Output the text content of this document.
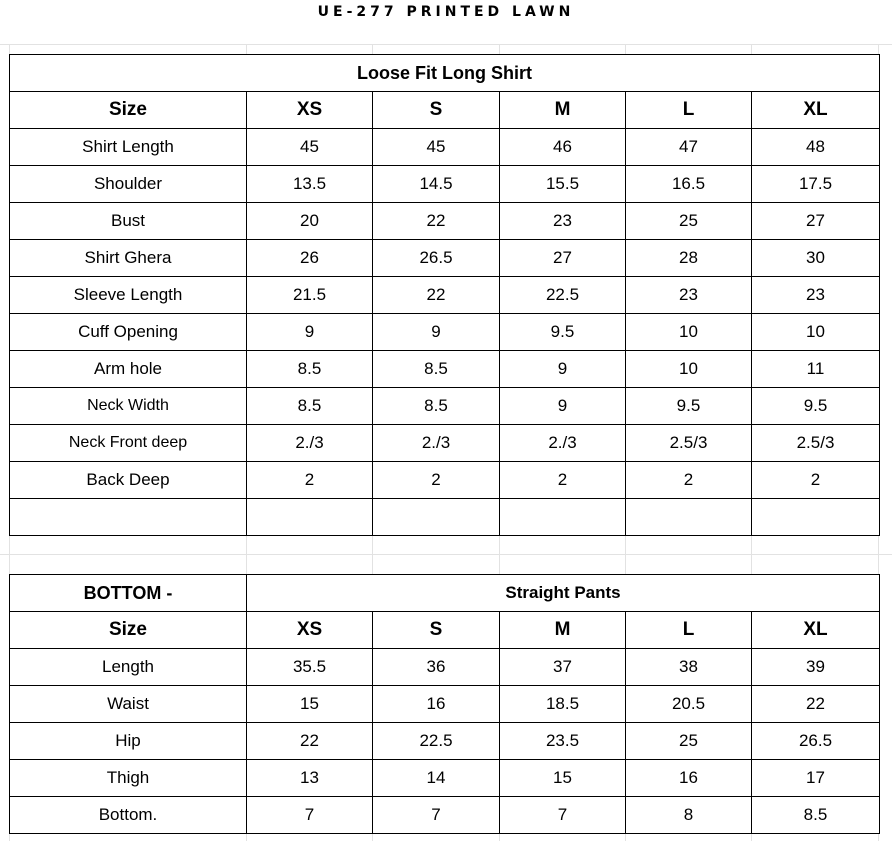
UE-277 PRINTED LAWN
Loose Fit Long Shirt					
Size	XS	S	M	L	XL
Shirt Length	45	45	46	47	48
Shoulder	13.5	14.5	15.5	16.5	17.5
Bust	20	22	23	25	27
Shirt Ghera	26	26.5	27	28	30
Sleeve Length	21.5	22	22.5	23	23
Cuff Opening	9	9	9.5	10	10
Arm hole	8.5	8.5	9	10	11
Neck Width	8.5	8.5	9	9.5	9.5
Neck Front deep	2./3	2./3	2./3	2.5/3	2.5/3
Back Deep	2	2	2	2	2

BOTTOM -	Straight Pants				
Size	XS	S	M	L	XL
Length	35.5	36	37	38	39
Waist	15	16	18.5	20.5	22
Hip	22	22.5	23.5	25	26.5
Thigh	13	14	15	16	17
Bottom.	7	7	7	8	8.5
